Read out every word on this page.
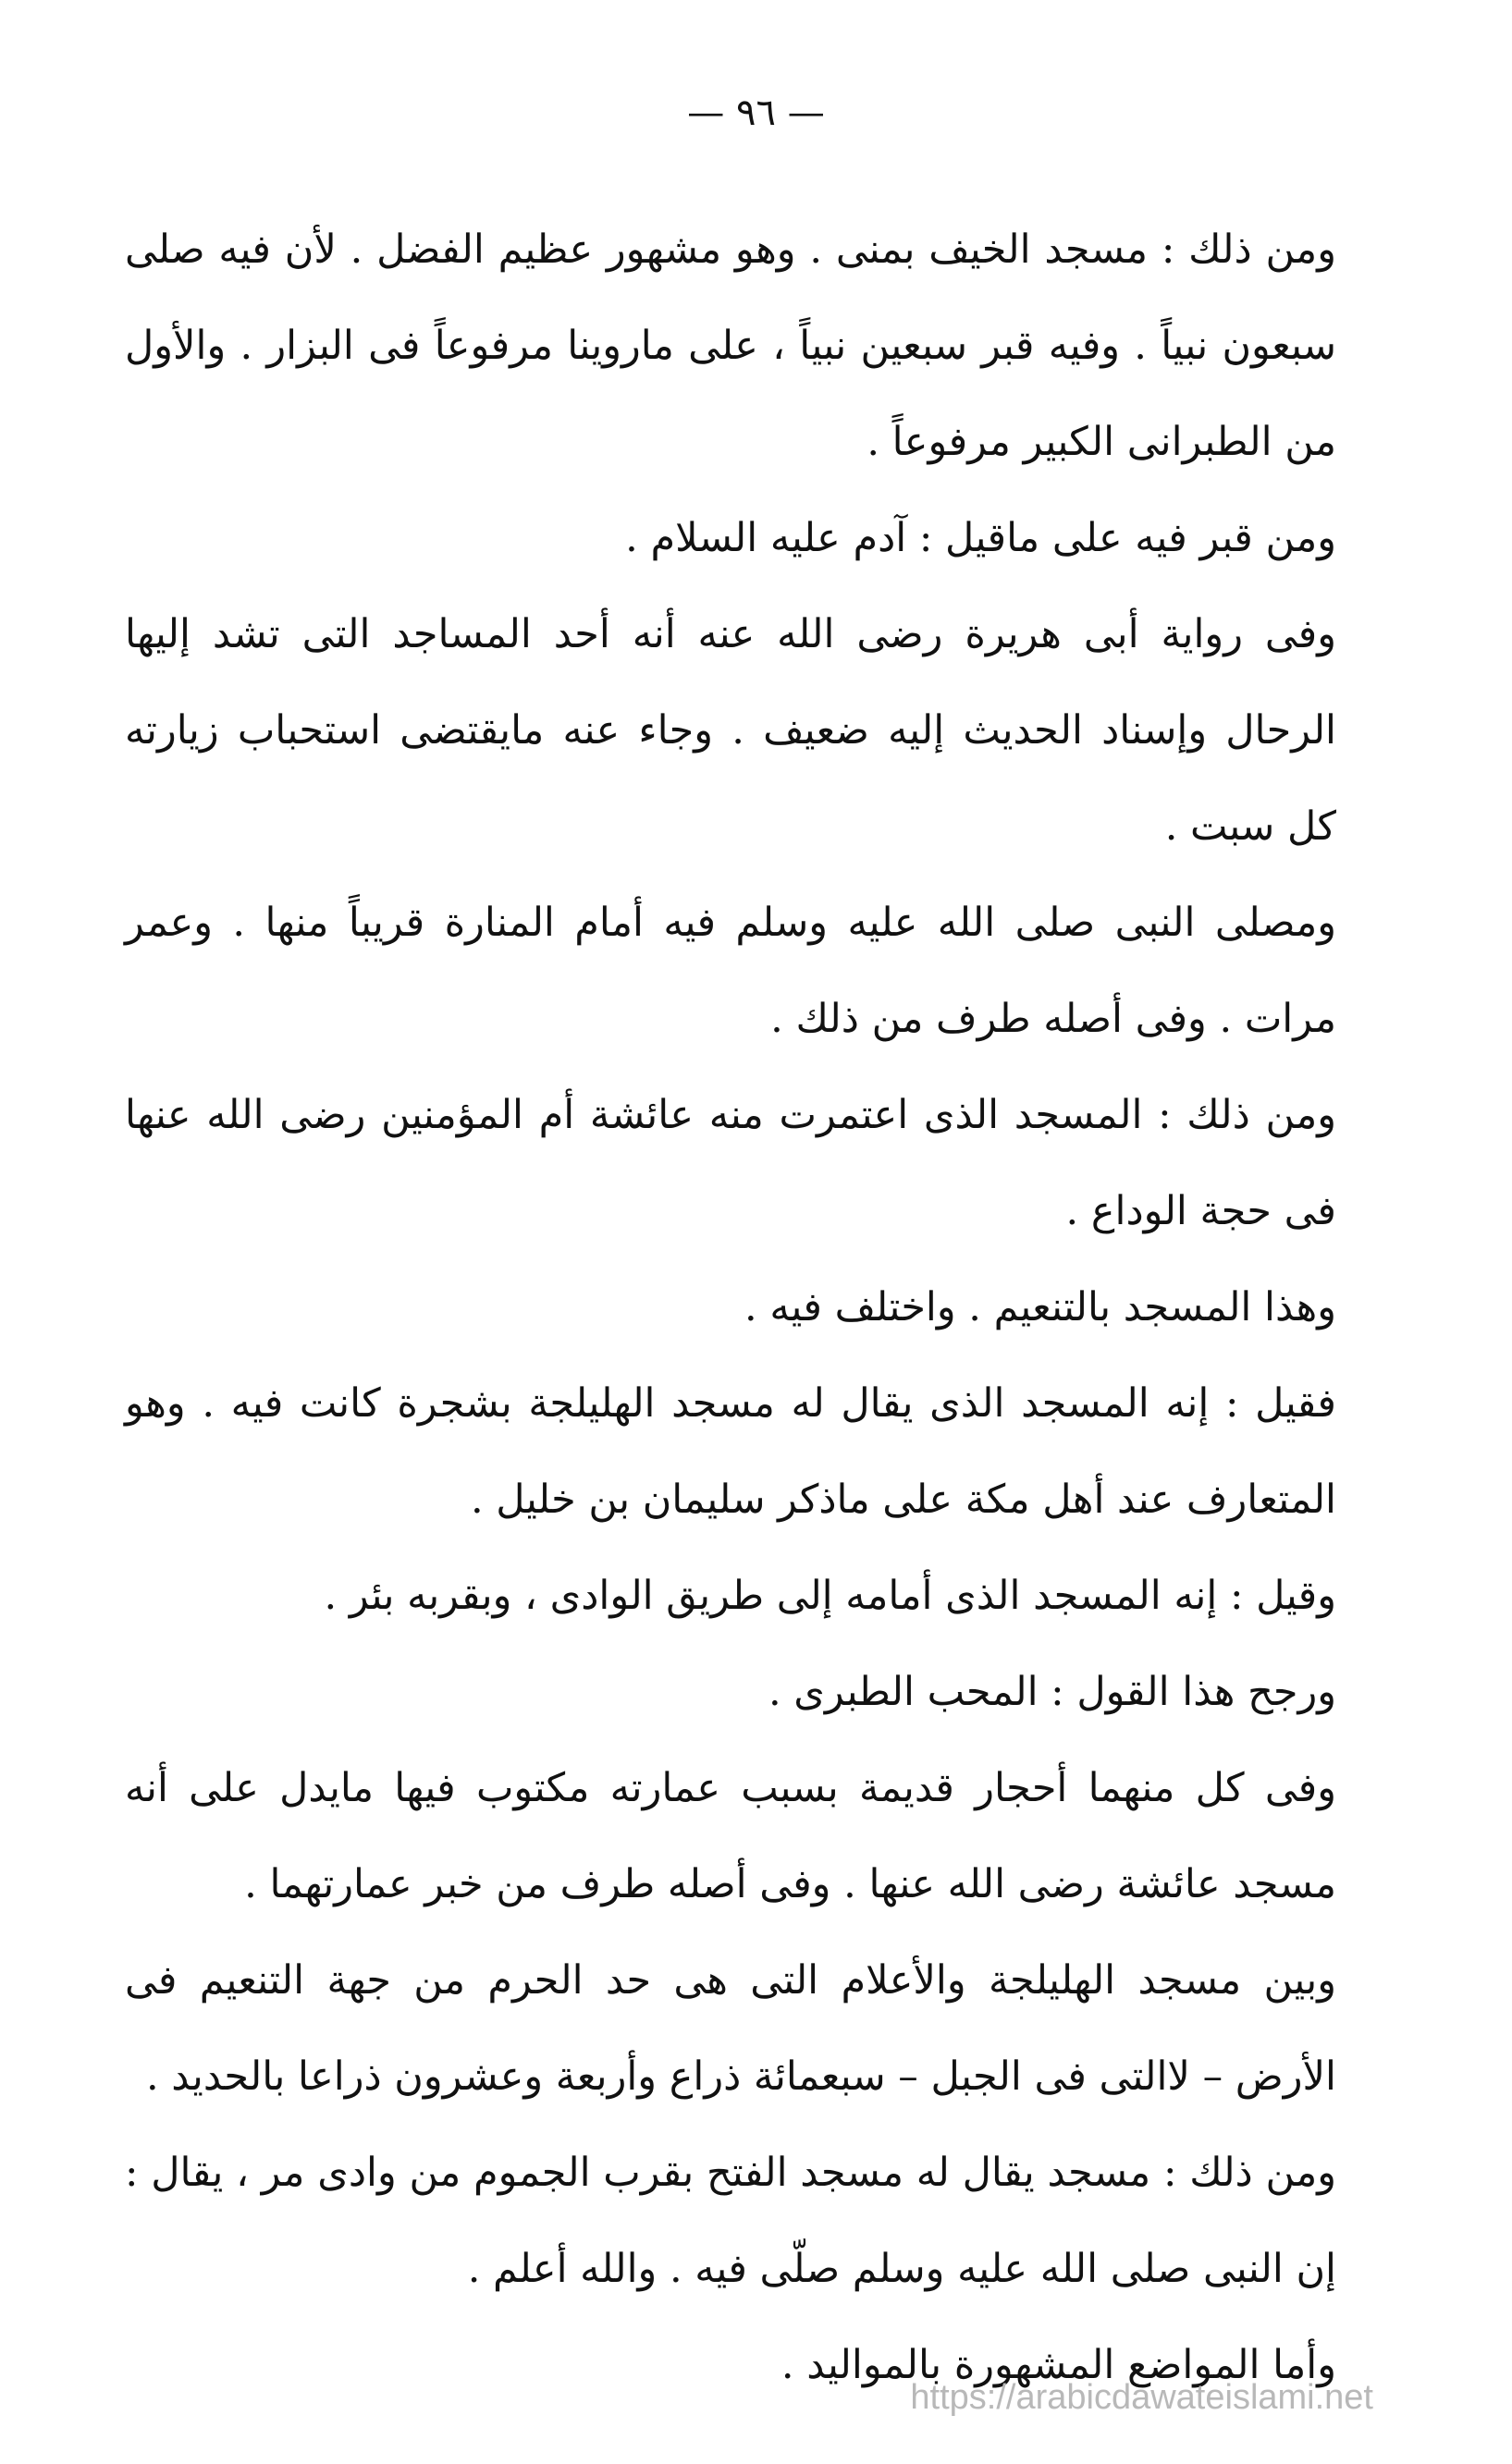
— ٩٦ —

ومن ذلك : مسجد الخيف بمنى . وهو مشهور عظيم الفضل . لأن فيه صلى سبعون نبياً . وفيه قبر سبعين نبياً ، على ماروينا مرفوعاً فى البزار . والأول من الطبرانى الكبير مرفوعاً .

ومن قبر فيه على ماقيل : آدم عليه السلام .

وفى رواية أبى هريرة رضى الله عنه أنه أحد المساجد التى تشد إليها الرحال وإسناد الحديث إليه ضعيف . وجاء عنه مايقتضى استحباب زيارته كل سبت .

ومصلى النبى صلى الله عليه وسلم فيه أمام المنارة قريباً منها . وعمر مرات . وفى أصله طرف من ذلك .

ومن ذلك : المسجد الذى اعتمرت منه عائشة أم المؤمنين رضى الله عنها فى حجة الوداع .

وهذا المسجد بالتنعيم . واختلف فيه .

فقيل : إنه المسجد الذى يقال له مسجد الهليلجة بشجرة كانت فيه . وهو المتعارف عند أهل مكة على ماذكر سليمان بن خليل .

وقيل : إنه المسجد الذى أمامه إلى طريق الوادى ، وبقربه بئر .

ورجح هذا القول : المحب الطبرى .

وفى كل منهما أحجار قديمة بسبب عمارته مكتوب فيها مايدل على أنه مسجد عائشة رضى الله عنها . وفى أصله طرف من خبر عمارتهما .

وبين مسجد الهليلجة والأعلام التى هى حد الحرم من جهة التنعيم فى الأرض – لاالتى فى الجبل – سبعمائة ذراع وأربعة وعشرون ذراعا بالحديد .

ومن ذلك : مسجد يقال له مسجد الفتح بقرب الجموم من وادى مر ، يقال : إن النبى صلى الله عليه وسلم صلّى فيه . والله أعلم .

وأما المواضع المشهورة بالمواليد .

https://arabicdawateislami.net
